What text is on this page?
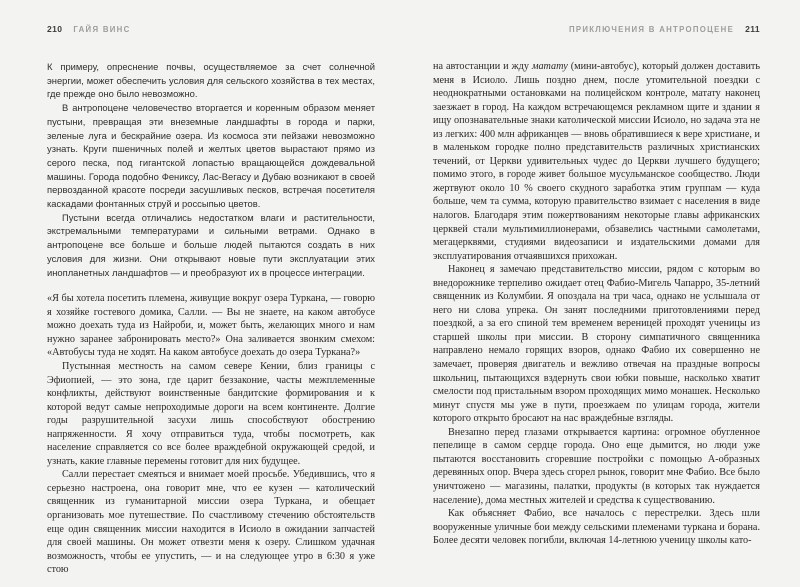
210 ГАЙЯ ВИНС

К примеру, опреснение почвы, осуществляемое за счет солнечной энергии, может обеспечить условия для сельского хозяйства в тех местах, где прежде оно было невозможно.

В антропоцене человечество вторгается и коренным образом меняет пустыни, превращая эти внеземные ландшафты в города и парки, зеленые луга и бескрайние озера. Из космоса эти пейзажи невозможно узнать. Круги пшеничных полей и желтых цветов вырастают прямо из серого песка, под гигантской лопастью вращающейся дождевальной машины. Города подобно Фениксу, Лас-Вегасу и Дубаю возникают в своей первозданной красоте посреди засушливых песков, встречая посетителя каскадами фонтанных струй и россыпью цветов.

Пустыни всегда отличались недостатком влаги и растительности, экстремальными температурами и сильными ветрами. Однако в антропоцене все больше и больше людей пытаются создать в них условия для жизни. Они открывают новые пути эксплуатации этих инопланетных ландшафтов — и преобразуют их в процессе интеграции.

«Я бы хотела посетить племена, живущие вокруг озера Туркана, — говорю я хозяйке гостевого домика, Салли. — Вы не знаете, на каком автобусе можно доехать туда из Найроби, и, может быть, желающих много и нам нужно заранее забронировать место?» Она заливается звонким смехом: «Автобусы туда не ходят. На каком автобусе доехать до озера Туркана?»

Пустынная местность на самом севере Кении, близ границы с Эфиопией, — это зона, где царит беззаконие, часты межплеменные конфликты, действуют воинственные бандитские формирования и к которой ведут самые непроходимые дороги на всем континенте. Долгие годы разрушительной засухи лишь способствуют обострению напряженности. Я хочу отправиться туда, чтобы посмотреть, как население справляется со все более враждебной окружающей средой, и узнать, какие главные перемены готовит для них будущее.

Салли перестает смеяться и внимает моей просьбе. Убедившись, что я серьезно настроена, она говорит мне, что ее кузен — католический священник из гуманитарной миссии озера Туркана, и обещает организовать мое путешествие. По счастливому стечению обстоятельств еще один священник миссии находится в Исиоло в ожидании запчастей для своей машины. Он может отвезти меня к озеру. Слишком удачная возможность, чтобы ее упустить, — и на следующее утро в 6:30 я уже стою

ПРИКЛЮЧЕНИЯ В АНТРОПОЦЕНЕ 211

на автостанции и жду матату (мини-автобус), который должен доставить меня в Исиоло. Лишь поздно днем, после утомительной поездки с неоднократными остановками на полицейском контроле, матату наконец заезжает в город. На каждом встречающемся рекламном щите и здании я ищу опознавательные знаки католической миссии Исиоло, но задача эта не из легких: 400 млн африканцев — вновь обратившиеся к вере христиане, и в маленьком городке полно представительств различных христианских течений, от Церкви удивительных чудес до Церкви лучшего будущего; помимо этого, в городе живет большое мусульманское сообщество. Люди жертвуют около 10 % своего скудного заработка этим группам — куда больше, чем та сумма, которую правительство взимает с населения в виде налогов. Благодаря этим пожертвованиям некоторые главы африканских церквей стали мультимиллионерами, обзавелись частными самолетами, мегацерквями, студиями видеозаписи и издательскими домами для эксплуатирования отчаявшихся прихожан.

Наконец я замечаю представительство миссии, рядом с которым во внедорожнике терпеливо ожидает отец Фабио-Мигель Чапарро, 35-летний священник из Колумбии. Я опоздала на три часа, однако не услышала от него ни слова упрека. Он занят последними приготовлениями перед поездкой, а за его спиной тем временем вереницей проходят ученицы из старшей школы при миссии. В сторону симпатичного священника направлено немало горящих взоров, однако Фабио их совершенно не замечает, проверяя двигатель и вежливо отвечая на праздные вопросы школьниц, пытающихся вздернуть свои юбки повыше, насколько хватит смелости под пристальным взором проходящих мимо монашек. Несколько минут спустя мы уже в пути, проезжаем по улицам города, жители которого открыто бросают на нас враждебные взгляды.

Внезапно перед глазами открывается картина: огромное обугленное пепелище в самом сердце города. Оно еще дымится, но люди уже пытаются восстановить сгоревшие постройки с помощью А-образных деревянных опор. Вчера здесь сгорел рынок, говорит мне Фабио. Все было уничтожено — магазины, палатки, продукты (в которых так нуждается население), дома местных жителей и средства к существованию.

Как объясняет Фабио, все началось с перестрелки. Здесь шли вооруженные уличные бои между сельскими племенами туркана и борана. Более десяти человек погибли, включая 14-летнюю ученицу школы като-
